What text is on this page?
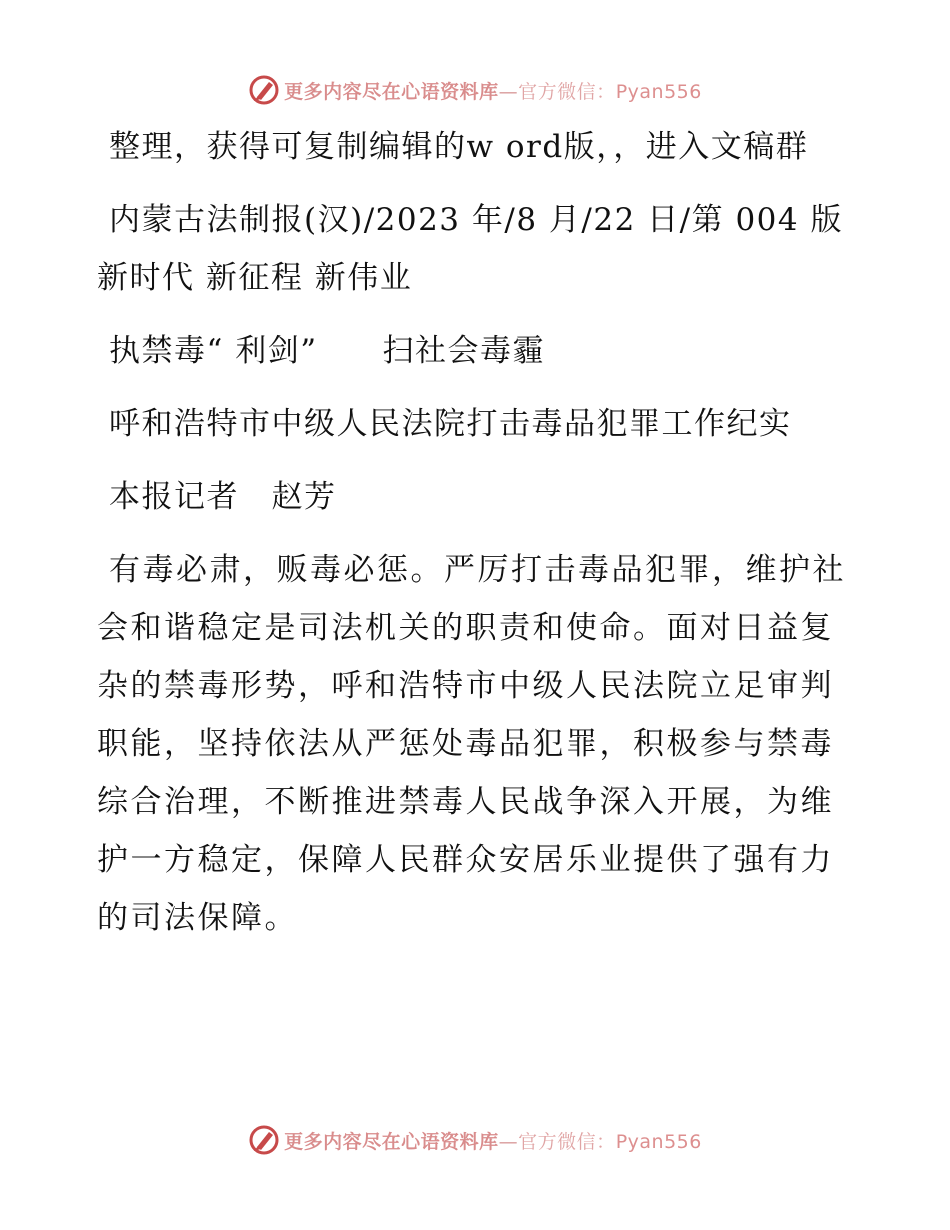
更多内容尽在心语资料库—官方微信：Pyan556

整理，获得可复制编辑的w ord版，，进入文稿群

内蒙古法制报(汉)/2023 年/8 月/22 日/第 004 版新时代 新征程 新伟业

执禁毒“ 利剑”　　扫社会毒霾

呼和浩特市中级人民法院打击毒品犯罪工作纪实

本报记者　赵芳

有毒必肃，贩毒必惩。严厉打击毒品犯罪，维护社会和谐稳定是司法机关的职责和使命。面对日益复杂的禁毒形势，呼和浩特市中级人民法院立足审判职能，坚持依法从严惩处毒品犯罪，积极参与禁毒综合治理，不断推进禁毒人民战争深入开展，为维护一方稳定，保障人民群众安居乐业提供了强有力的司法保障。

更多内容尽在心语资料库—官方微信：Pyan556
